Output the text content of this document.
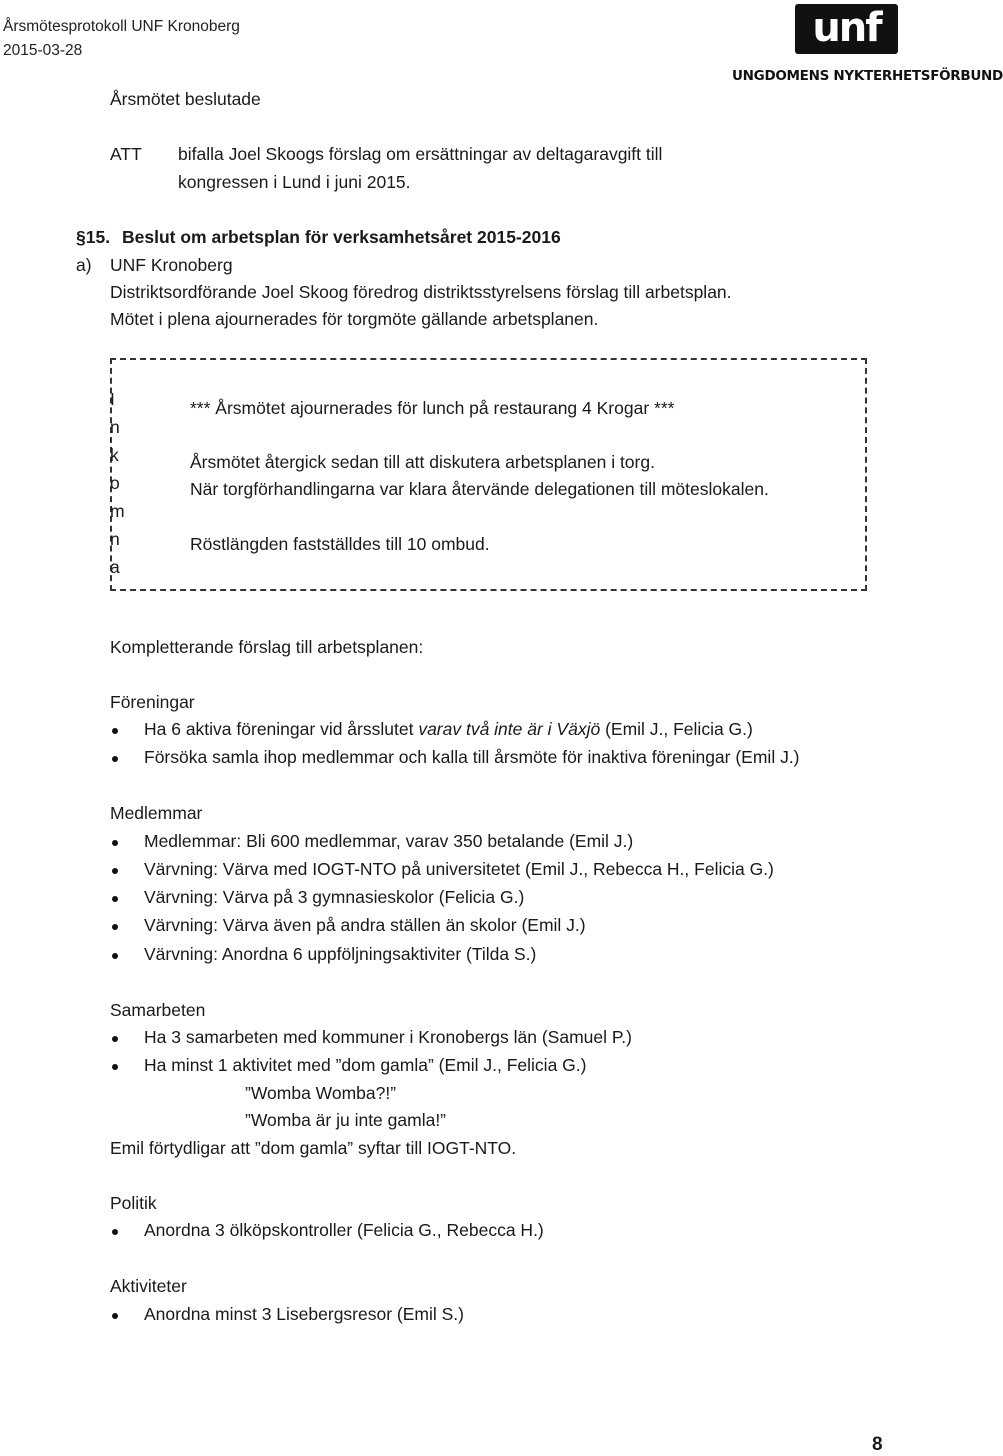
Årsmötesprotokoll UNF Kronoberg
2015-03-28	unf
UNGDOMENS NYKTERHETSFÖRBUND
Årsmötet beslutade
ATT bifalla Joel Skoogs förslag om ersättningar av deltagaravgift till
kongressen i Lund i juni 2015.
§15. Beslut om arbetsplan för verksamhetsåret 2015-2016
a) UNF Kronoberg
Distriktsordförande Joel Skoog föredrog distriktsstyrelsens förslag till arbetsplan.
Mötet i plena ajournerades för torgmöte gällande arbetsplanen.
I
n
k
o
m
n
a
*** Årsmötet ajournerades för lunch på restaurang 4 Krogar ***
Årsmötet återgick sedan till att diskutera arbetsplanen i torg.
När torgförhandlingarna var klara återvände delegationen till möteslokalen.
Röstlängden fastställdes till 10 ombud.
Kompletterande förslag till arbetsplanen:
Föreningar
Ha 6 aktiva föreningar vid årsslutet varav två inte är i Växjö (Emil J., Felicia G.)
Försöka samla ihop medlemmar och kalla till årsmöte för inaktiva föreningar (Emil J.)
Medlemmar
Medlemmar: Bli 600 medlemmar, varav 350 betalande (Emil J.)
Värvning: Värva med IOGT-NTO på universitetet (Emil J., Rebecca H., Felicia G.)
Värvning: Värva på 3 gymnasieskolor (Felicia G.)
Värvning: Värva även på andra ställen än skolor (Emil J.)
Värvning: Anordna 6 uppföljningsaktiviter (Tilda S.)
Samarbeten
Ha 3 samarbeten med kommuner i Kronobergs län (Samuel P.)
Ha minst 1 aktivitet med ”dom gamla” (Emil J., Felicia G.)
”Womba Womba?!”
”Womba är ju inte gamla!”
Emil förtydligar att ”dom gamla” syftar till IOGT-NTO.
Politik
Anordna 3 ölköpskontroller (Felicia G., Rebecca H.)
Aktiviteter
Anordna minst 3 Lisebergsresor (Emil S.)
8
